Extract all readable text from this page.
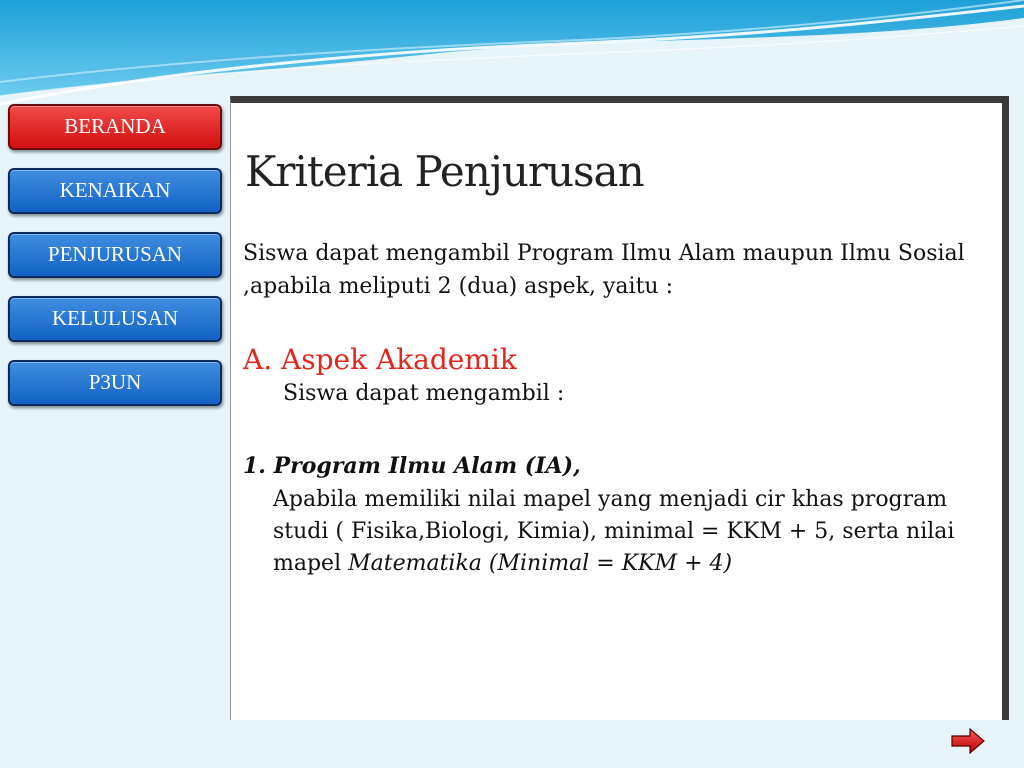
BERANDA
KENAIKAN
PENJURUSAN
KELULUSAN
P3UN
Kriteria Penjurusan
Siswa dapat mengambil Program Ilmu Alam maupun Ilmu Sosial ,apabila meliputi 2 (dua) aspek, yaitu :
A. Aspek Akademik
Siswa dapat mengambil :
1. Program Ilmu Alam (IA),
Apabila memiliki nilai mapel yang menjadi cir khas program studi ( Fisika,Biologi, Kimia), minimal = KKM + 5, serta nilai mapel Matematika (Minimal = KKM + 4)
